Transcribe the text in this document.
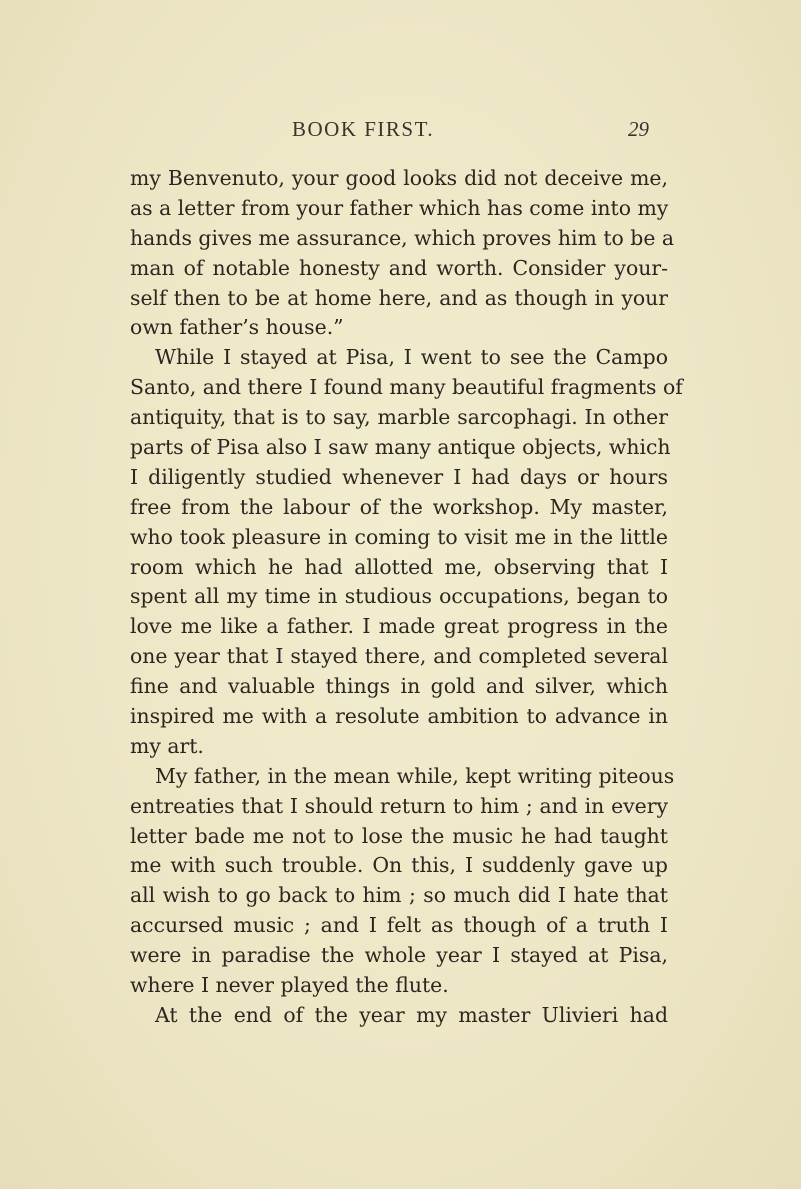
BOOK FIRST.	29
my Benvenuto, your good looks did not deceive me,
as a letter from your father which has come into my
hands gives me assurance, which proves him to be a
man of notable honesty and worth. Consider your-
self then to be at home here, and as though in your
own father’s house.”
While I stayed at Pisa, I went to see the Campo
Santo, and there I found many beautiful fragments of
antiquity, that is to say, marble sarcophagi. In other
parts of Pisa also I saw many antique objects, which
I diligently studied whenever I had days or hours
free from the labour of the workshop. My master,
who took pleasure in coming to visit me in the little
room which he had allotted me, observing that I
spent all my time in studious occupations, began to
love me like a father. I made great progress in the
one year that I stayed there, and completed several
fine and valuable things in gold and silver, which
inspired me with a resolute ambition to advance in
my art.
My father, in the mean while, kept writing piteous
entreaties that I should return to him ; and in every
letter bade me not to lose the music he had taught
me with such trouble. On this, I suddenly gave up
all wish to go back to him ; so much did I hate that
accursed music ; and I felt as though of a truth I
were in paradise the whole year I stayed at Pisa,
where I never played the flute.
At the end of the year my master Ulivieri had
